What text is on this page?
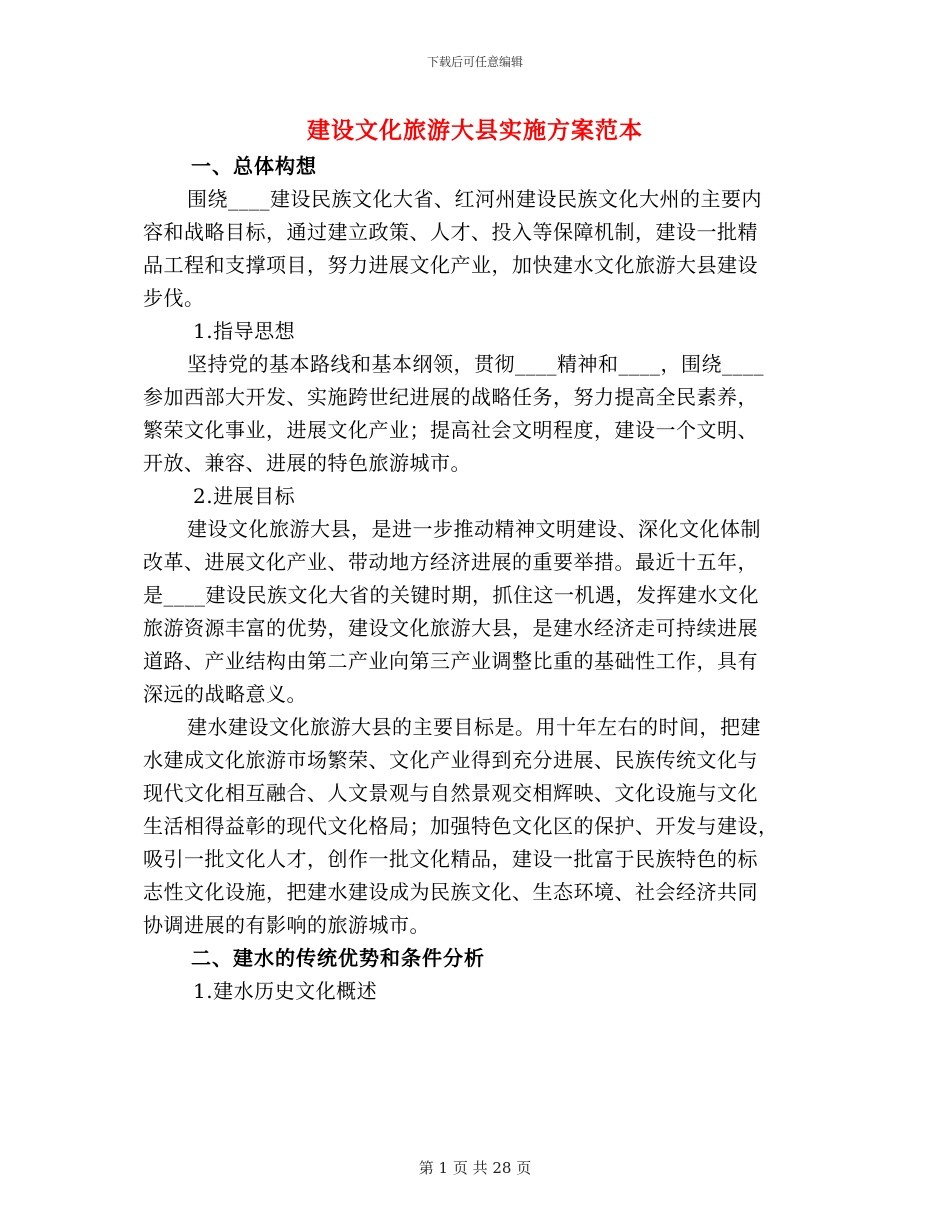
下载后可任意编辑
建设文化旅游大县实施方案范本
一、总体构想
围绕____建设民族文化大省、红河州建设民族文化大州的主要内
容和战略目标，通过建立政策、人才、投入等保障机制，建设一批精
品工程和支撑项目，努力进展文化产业，加快建水文化旅游大县建设
步伐。
1.指导思想
坚持党的基本路线和基本纲领，贯彻____精神和____，围绕____
参加西部大开发、实施跨世纪进展的战略任务，努力提高全民素养，
繁荣文化事业，进展文化产业；提高社会文明程度，建设一个文明、
开放、兼容、进展的特色旅游城市。
2.进展目标
建设文化旅游大县，是进一步推动精神文明建设、深化文化体制
改革、进展文化产业、带动地方经济进展的重要举措。最近十五年，
是____建设民族文化大省的关键时期，抓住这一机遇，发挥建水文化
旅游资源丰富的优势，建设文化旅游大县，是建水经济走可持续进展
道路、产业结构由第二产业向第三产业调整比重的基础性工作，具有
深远的战略意义。
建水建设文化旅游大县的主要目标是。用十年左右的时间，把建
水建成文化旅游市场繁荣、文化产业得到充分进展、民族传统文化与
现代文化相互融合、人文景观与自然景观交相辉映、文化设施与文化
生活相得益彰的现代文化格局；加强特色文化区的保护、开发与建设，
吸引一批文化人才，创作一批文化精品，建设一批富于民族特色的标
志性文化设施，把建水建设成为民族文化、生态环境、社会经济共同
协调进展的有影响的旅游城市。
二、建水的传统优势和条件分析
1.建水历史文化概述
第 1 页 共 28 页
